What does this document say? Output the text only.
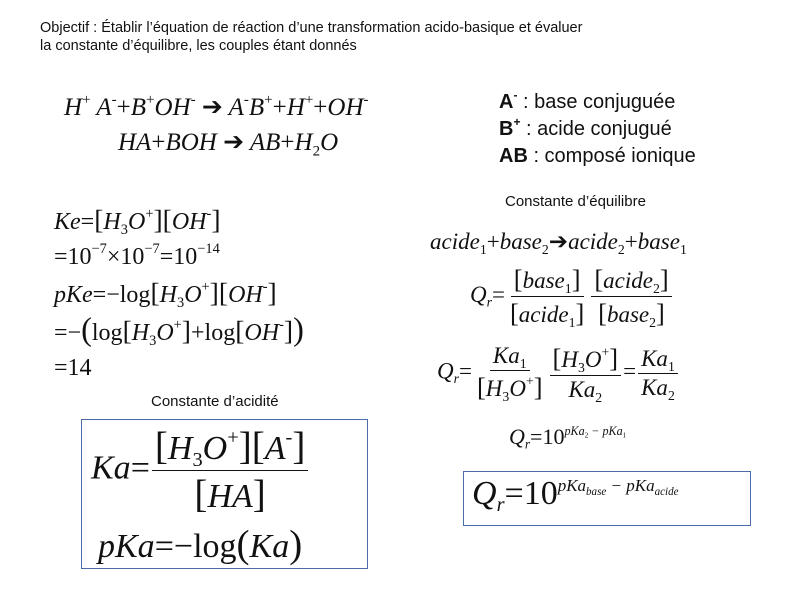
Objectif : Établir l’équation de réaction d’une transformation acido-basique et évaluer
la constante d’équilibre, les couples étant donnés
H+ A-+B+OH- ➔ A-B++H++OH-
HA+BOH ➔ $AB+H_2O$
A- : base conjuguée
B+ : acide conjugué
AB : composé ionique
$Ke=[H_3O^+][OH^-]$
$=10^{-7}\times 10^{-7}=10^{-14}$
$pKe=-\log[H_3O^+][OH^-]$
$=-(\log[H_3O^+]+\log[OH^-])$
=14
Constante d’acidité
$Ka= \frac{[H_3O^+][A^-]}{[HA]}$
pKa=−log(Ka)
Constante d’équilibre
acide$_1$+base$_2$➔acide$_2$+base$_1$
$Q_r= \frac{[base_1]}{[acide_1]} \frac{[acide_2]}{[base_2]}$
$Q_r= \frac{Ka_1}{[H_3O^+]} \frac{[H_3O^+]}{Ka_2} = \frac{Ka_1}{Ka_2}$
$Q_r=10^{pKa_2 - pKa_1}$
$Q_r=10^{pKa_{base} - pKa_{acide}}$
